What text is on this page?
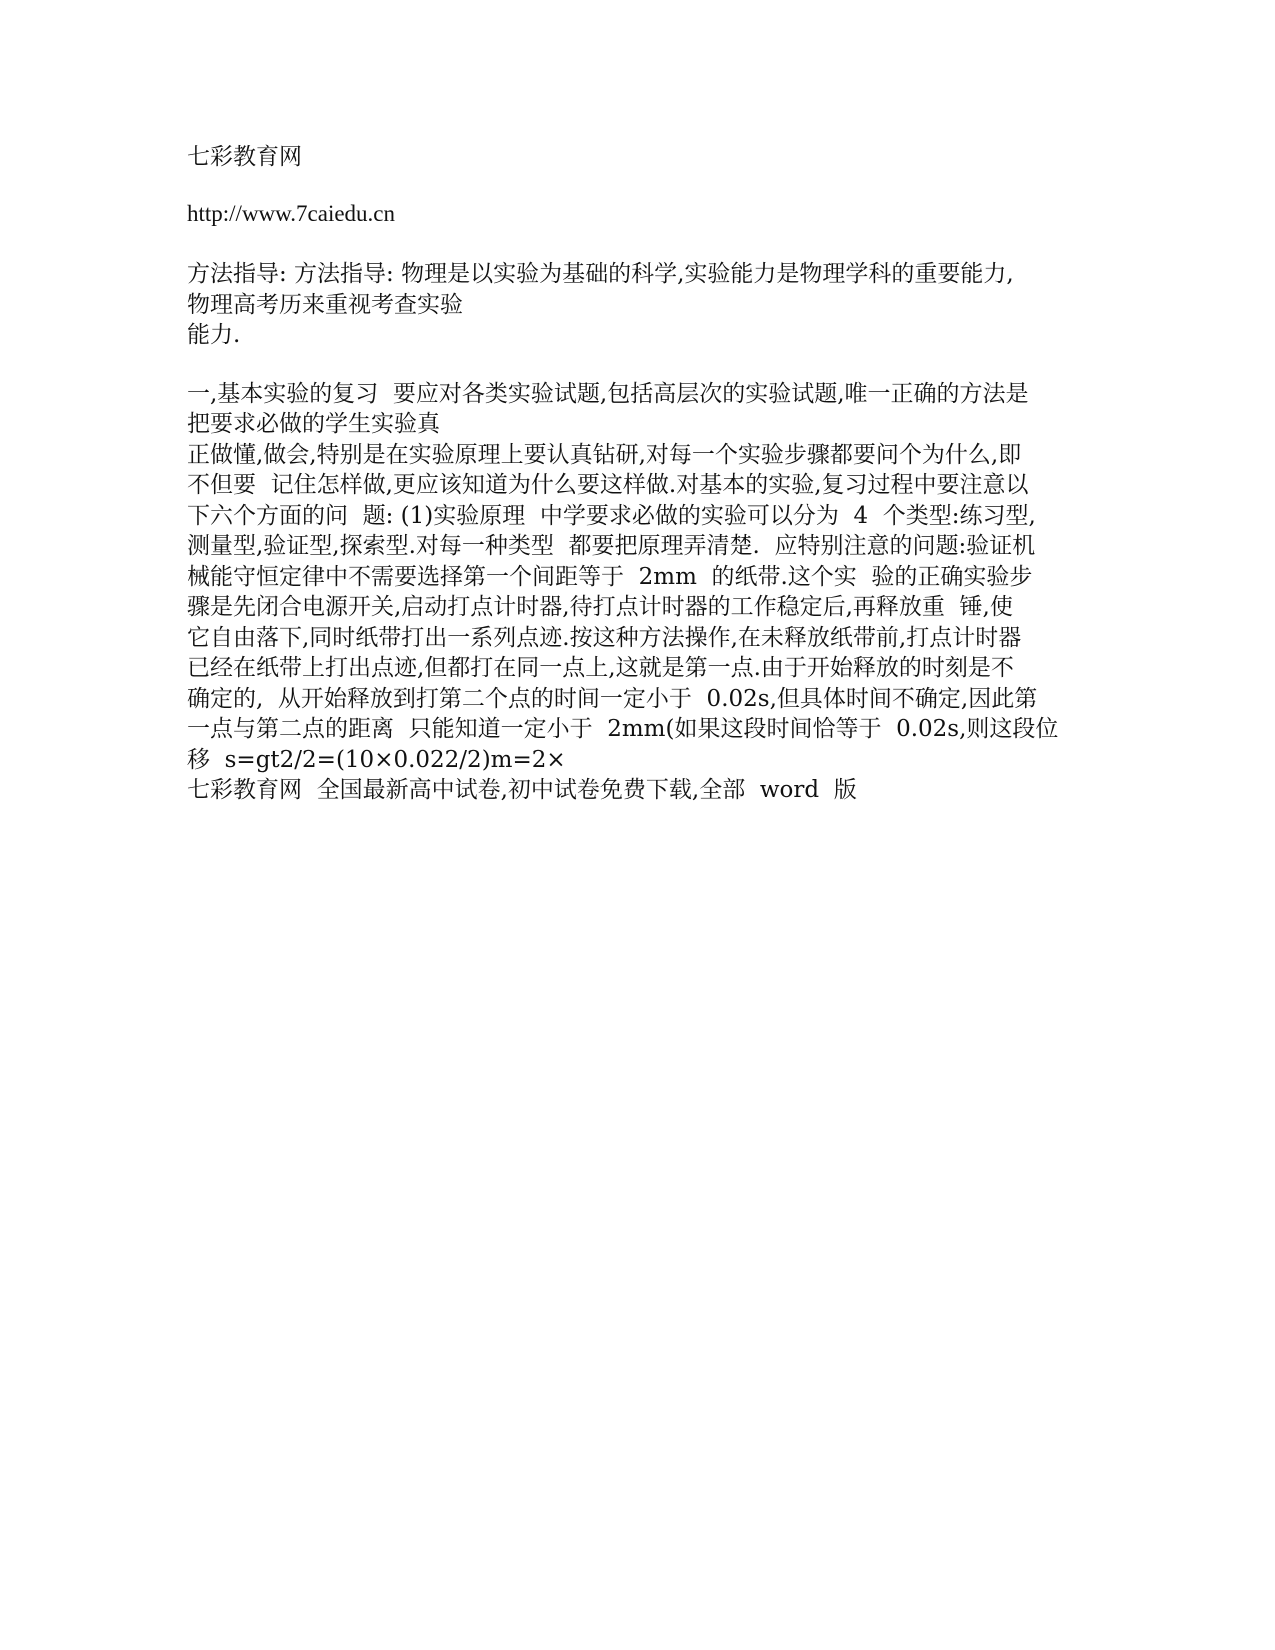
七彩教育网
http://www.7caiedu.cn
方法指导: 方法指导: 物理是以实验为基础的科学,实验能力是物理学科的重要能力,
物理高考历来重视考查实验
能力.
一,基本实验的复习  要应对各类实验试题,包括高层次的实验试题,唯一正确的方法是
把要求必做的学生实验真
正做懂,做会,特别是在实验原理上要认真钻研,对每一个实验步骤都要问个为什么,即
不但要  记住怎样做,更应该知道为什么要这样做.对基本的实验,复习过程中要注意以
下六个方面的问  题: (1)实验原理  中学要求必做的实验可以分为  4  个类型:练习型,
测量型,验证型,探索型.对每一种类型  都要把原理弄清楚.  应特别注意的问题:验证机
械能守恒定律中不需要选择第一个间距等于  2mm  的纸带.这个实  验的正确实验步
骤是先闭合电源开关,启动打点计时器,待打点计时器的工作稳定后,再释放重  锤,使
它自由落下,同时纸带打出一系列点迹.按这种方法操作,在未释放纸带前,打点计时器
已经在纸带上打出点迹,但都打在同一点上,这就是第一点.由于开始释放的时刻是不
确定的,  从开始释放到打第二个点的时间一定小于  0.02s,但具体时间不确定,因此第
一点与第二点的距离  只能知道一定小于  2mm(如果这段时间恰等于  0.02s,则这段位
移  s=gt2/2=(10×0.022/2)m=2×
七彩教育网  全国最新高中试卷,初中试卷免费下载,全部  word  版
